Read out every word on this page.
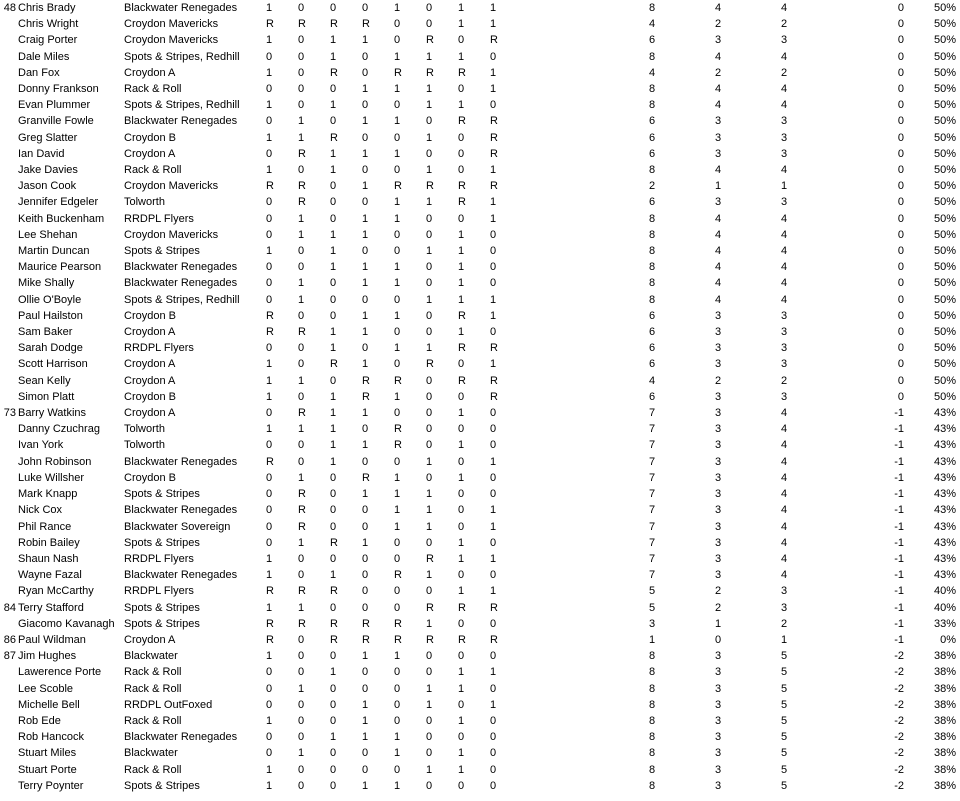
48	Chris Brady	Blackwater Renegades	1	0	0	0	1	0	1	1		8	4	4	0	50%
	Chris Wright	Croydon Mavericks	R	R	R	R	0	0	1	1		4	2	2	0	50%
	Craig Porter	Croydon Mavericks	1	0	1	1	0	R	0	R		6	3	3	0	50%
	Dale Miles	Spots & Stripes, Redhill	0	0	1	0	1	1	1	0		8	4	4	0	50%
	Dan Fox	Croydon A	1	0	R	0	R	R	R	1		4	2	2	0	50%
	Donny Frankson	Rack & Roll	0	0	0	1	1	1	0	1		8	4	4	0	50%
	Evan Plummer	Spots & Stripes, Redhill	1	0	1	0	0	1	1	0		8	4	4	0	50%
	Granville Fowle	Blackwater Renegades	0	1	0	1	1	0	R	R		6	3	3	0	50%
	Greg Slatter	Croydon B	1	1	R	0	0	1	0	R		6	3	3	0	50%
	Ian David	Croydon A	0	R	1	1	1	0	0	R		6	3	3	0	50%
	Jake Davies	Rack & Roll	1	0	1	0	0	1	0	1		8	4	4	0	50%
	Jason Cook	Croydon Mavericks	R	R	0	1	R	R	R	R		2	1	1	0	50%
	Jennifer Edgeler	Tolworth	0	R	0	0	1	1	R	1		6	3	3	0	50%
	Keith Buckenham	RRDPL Flyers	0	1	0	1	1	0	0	1		8	4	4	0	50%
	Lee Shehan	Croydon Mavericks	0	1	1	1	0	0	1	0		8	4	4	0	50%
	Martin Duncan	Spots & Stripes	1	0	1	0	0	1	1	0		8	4	4	0	50%
	Maurice Pearson	Blackwater Renegades	0	0	1	1	1	0	1	0		8	4	4	0	50%
	Mike Shally	Blackwater Renegades	0	1	0	1	1	0	1	0		8	4	4	0	50%
	Ollie O'Boyle	Spots & Stripes, Redhill	0	1	0	0	0	1	1	1		8	4	4	0	50%
	Paul Hailston	Croydon B	R	0	0	1	1	0	R	1		6	3	3	0	50%
	Sam Baker	Croydon A	R	R	1	1	0	0	1	0		6	3	3	0	50%
	Sarah Dodge	RRDPL Flyers	0	0	1	0	1	1	R	R		6	3	3	0	50%
	Scott Harrison	Croydon A	1	0	R	1	0	R	0	1		6	3	3	0	50%
	Sean Kelly	Croydon A	1	1	0	R	R	0	R	R		4	2	2	0	50%
	Simon Platt	Croydon B	1	0	1	R	1	0	0	R		6	3	3	0	50%
73	Barry Watkins	Croydon A	0	R	1	1	0	0	1	0		7	3	4	-1	43%
	Danny Czuchrag	Tolworth	1	1	1	0	R	0	0	0		7	3	4	-1	43%
	Ivan York	Tolworth	0	0	1	1	R	0	1	0		7	3	4	-1	43%
	John Robinson	Blackwater Renegades	R	0	1	0	0	1	0	1		7	3	4	-1	43%
	Luke Willsher	Croydon B	0	1	0	R	1	0	1	0		7	3	4	-1	43%
	Mark Knapp	Spots & Stripes	0	R	0	1	1	1	0	0		7	3	4	-1	43%
	Nick Cox	Blackwater Renegades	0	R	0	0	1	1	0	1		7	3	4	-1	43%
	Phil Rance	Blackwater Sovereign	0	R	0	0	1	1	0	1		7	3	4	-1	43%
	Robin Bailey	Spots & Stripes	0	1	R	1	0	0	1	0		7	3	4	-1	43%
	Shaun Nash	RRDPL Flyers	1	0	0	0	0	R	1	1		7	3	4	-1	43%
	Wayne Fazal	Blackwater Renegades	1	0	1	0	R	1	0	0		7	3	4	-1	43%
	Ryan McCarthy	RRDPL Flyers	R	R	R	0	0	0	1	1		5	2	3	-1	40%
84	Terry Stafford	Spots & Stripes	1	1	0	0	0	R	R	R		5	2	3	-1	40%
	Giacomo Kavanagh	Spots & Stripes	R	R	R	R	R	1	0	0		3	1	2	-1	33%
86	Paul Wildman	Croydon A	R	0	R	R	R	R	R	R		1	0	1	-1	0%
87	Jim Hughes	Blackwater	1	0	0	1	1	0	0	0		8	3	5	-2	38%
	Lawerence Porte	Rack & Roll	0	0	1	0	0	0	1	1		8	3	5	-2	38%
	Lee Scoble	Rack & Roll	0	1	0	0	0	1	1	0		8	3	5	-2	38%
	Michelle Bell	RRDPL OutFoxed	0	0	0	1	0	1	0	1		8	3	5	-2	38%
	Rob Ede	Rack & Roll	1	0	0	1	0	0	1	0		8	3	5	-2	38%
	Rob Hancock	Blackwater Renegades	0	0	1	1	1	0	0	0		8	3	5	-2	38%
	Stuart Miles	Blackwater	0	1	0	0	1	0	1	0		8	3	5	-2	38%
	Stuart Porte	Rack & Roll	1	0	0	0	0	1	1	0		8	3	5	-2	38%
	Terry Poynter	Spots & Stripes	1	0	0	1	1	0	0	0		8	3	5	-2	38%
